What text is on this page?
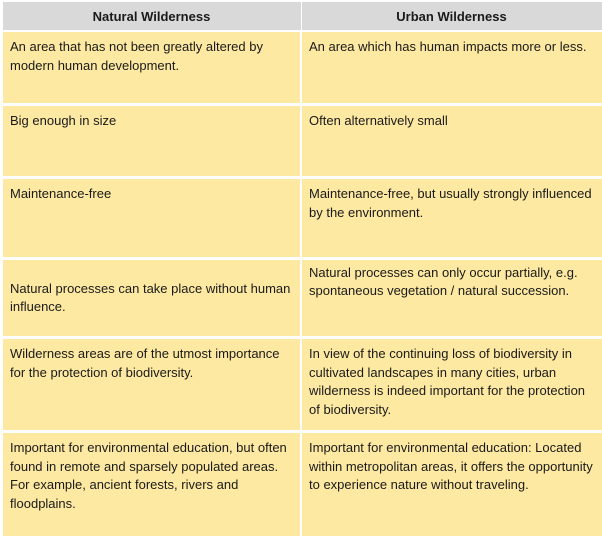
Natural Wilderness	Urban Wilderness
An area that has not been greatly altered by modern human development.	An area which has human impacts more or less.
Big enough in size	Often alternatively small
Maintenance-free	Maintenance-free, but usually strongly influenced by the environment.
Natural processes can take place without human influence.	Natural processes can only occur partially, e.g. spontaneous vegetation / natural succession.
Wilderness areas are of the utmost importance for the protection of biodiversity.	In view of the continuing loss of biodiversity in cultivated landscapes in many cities, urban wilderness is indeed important for the protection of biodiversity.
Important for environmental education, but often found in remote and sparsely populated areas. For example, ancient forests, rivers and floodplains.	Important for environmental education: Located within metropolitan areas, it offers the opportunity to experience nature without traveling.
